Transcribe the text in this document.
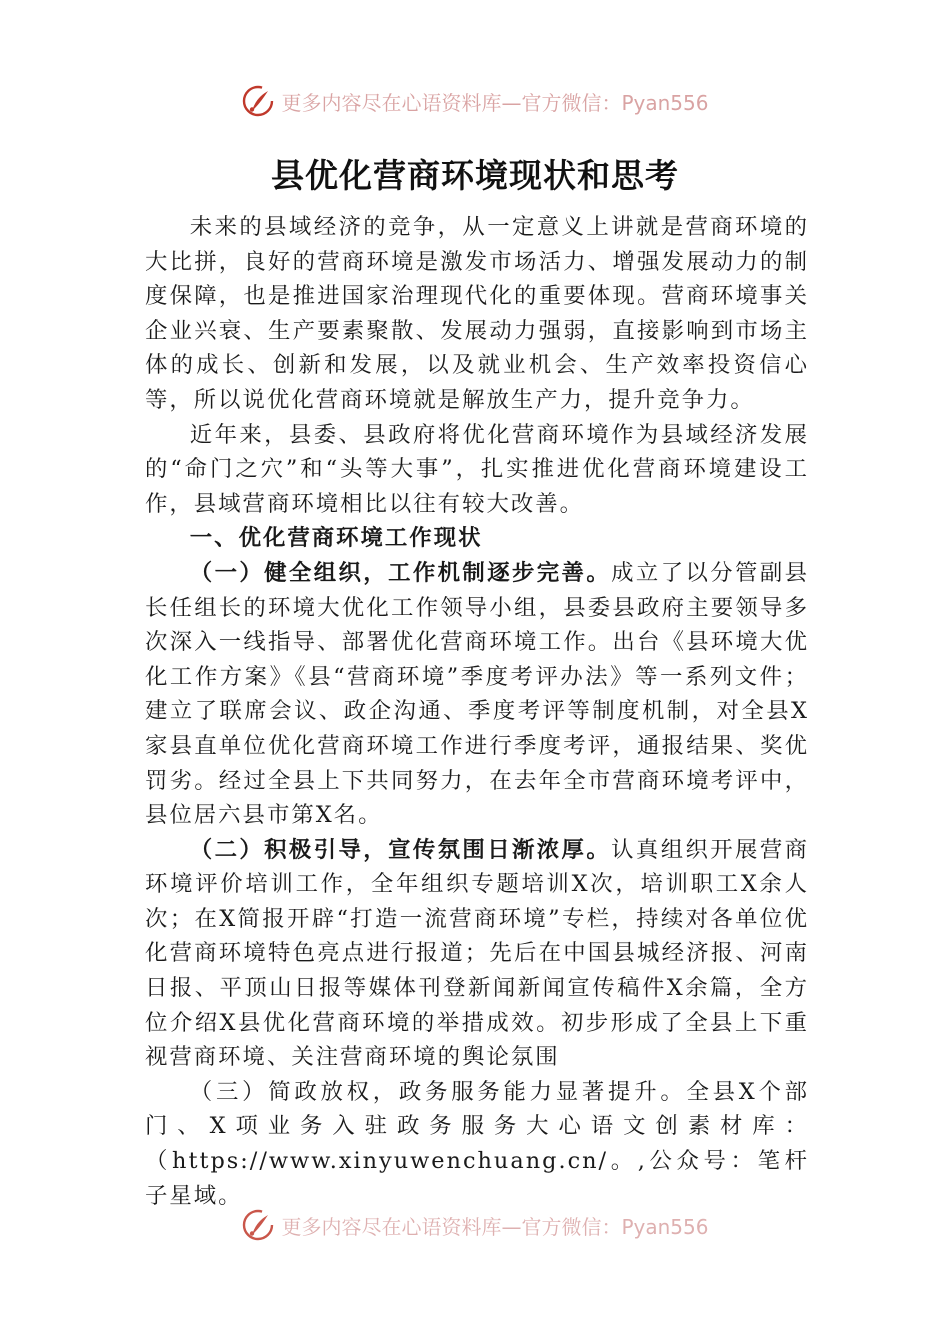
更多内容尽在心语资料库—官方微信：Pyan556
县优化营商环境现状和思考

未来的县域经济的竞争，从一定意义上讲就是营商环境的大比拼，良好的营商环境是激发市场活力、增强发展动力的制度保障，也是推进国家治理现代化的重要体现。营商环境事关企业兴衰、生产要素聚散、发展动力强弱，直接影响到市场主体的成长、创新和发展，以及就业机会、生产效率投资信心等，所以说优化营商环境就是解放生产力，提升竞争力。

近年来，县委、县政府将优化营商环境作为县域经济发展的“命门之穴”和“头等大事”，扎实推进优化营商环境建设工作，县域营商环境相比以往有较大改善。

一、优化营商环境工作现状

（一）健全组织，工作机制逐步完善。成立了以分管副县长任组长的环境大优化工作领导小组，县委县政府主要领导多次深入一线指导、部署优化营商环境工作。出台《县环境大优化工作方案》《县“营商环境”季度考评办法》等一系列文件；建立了联席会议、政企沟通、季度考评等制度机制，对全县X家县直单位优化营商环境工作进行季度考评，通报结果、奖优罚劣。经过全县上下共同努力，在去年全市营商环境考评中，县位居六县市第X名。

（二）积极引导，宣传氛围日渐浓厚。认真组织开展营商环境评价培训工作，全年组织专题培训X次，培训职工X余人次；在X简报开辟“打造一流营商环境”专栏，持续对各单位优化营商环境特色亮点进行报道；先后在中国县城经济报、河南日报、平顶山日报等媒体刊登新闻新闻宣传稿件X余篇，全方位介绍X县优化营商环境的举措成效。初步形成了全县上下重视营商环境、关注营商环境的舆论氛围

（三）简政放权，政务服务能力显著提升。全县X个部门、X项业务入驻政务服务大心语文创素材库：（https://www.xinyuwenchuang.cn/。,公众号：笔杆子星域。

更多内容尽在心语资料库—官方微信：Pyan556
